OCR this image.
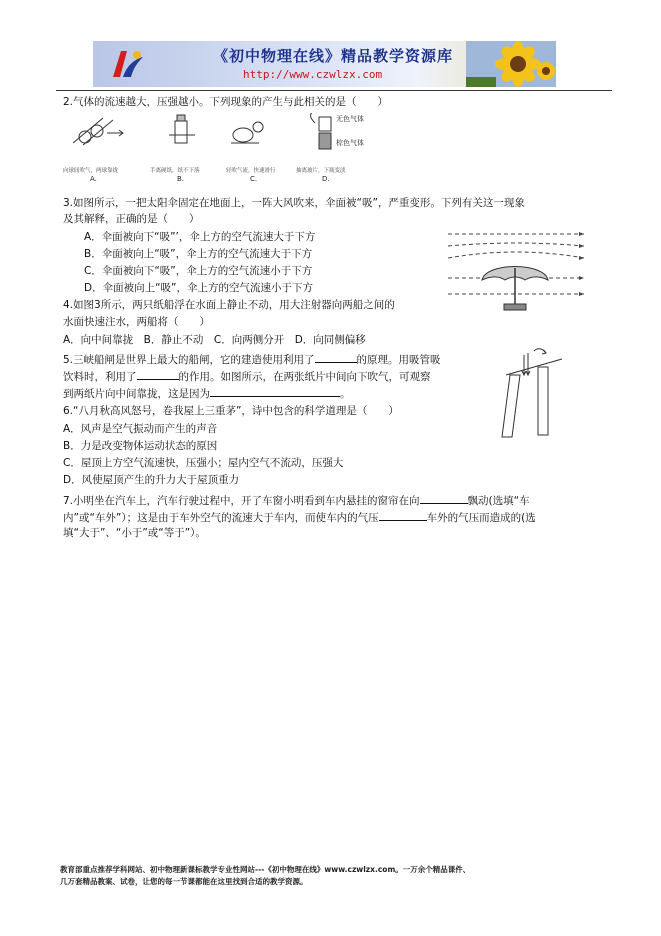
《初中物理在线》精品教学资源库
http://www.czwlzx.com
2.气体的流速越大，压强越小。下列现象的产生与此相关的是（　　）
无色气体
棕色气体
向球间吹气，两球靠拢	手离硬纸，纸不下落	轻吹气流，快速滑行	抽离玻片，下瓶变淡
A.	B.	C.	D.
3.如图所示，一把太阳伞固定在地面上，一阵大风吹来，伞面被“吸”，严重变形。下列有关这一现象
及其解释，正确的是（　　）
A．伞面被向下“吸”’，伞上方的空气流速大于下方
B．伞面被向上“吸”，伞上方的空气流速大于下方
C．伞面被向下“吸”，伞上方的空气流速小于下方
D．伞面被向上“吸”，伞上方的空气流速小于下方
4.如图3所示，两只纸船浮在水面上静止不动，用大注射器向两船之间的
水面快速注水，两船将（　　）
A．向中间靠拢　B．静止不动　C．向两侧分开　D．向同侧偏移
5.三峡船闸是世界上最大的船闸，它的建造使用利用了	的原理。用吸管吸
饮料时，利用了	的作用。如图所示，在两张纸片中间向下吹气，可观察
到两纸片向中间靠拢，这是因为	。
6.“八月秋高风怒号，卷我屋上三重茅”，诗中包含的科学道理是（　　）
A．风声是空气振动而产生的声音
B．力是改变物体运动状态的原因
C．屋顶上方空气流速快，压强小；屋内空气不流动，压强大
D．风使屋顶产生的升力大于屋顶重力
7.小明坐在汽车上，汽车行驶过程中，开了车窗小明看到车内悬挂的窗帘在向	飘动(选填“车
内”或“车外”）；这是由于车外空气的流速大于车内，而使车内的气压	车外的气压而造成的(选
填“大于”、“小于”或“等于”）。
教育部重点推荐学科网站、初中物理新课标教学专业性网站---《初中物理在线》www.czwlzx.com。一万余个精品课件、
几万套精品教案、试卷，让您的每一节课都能在这里找到合适的教学资源。
